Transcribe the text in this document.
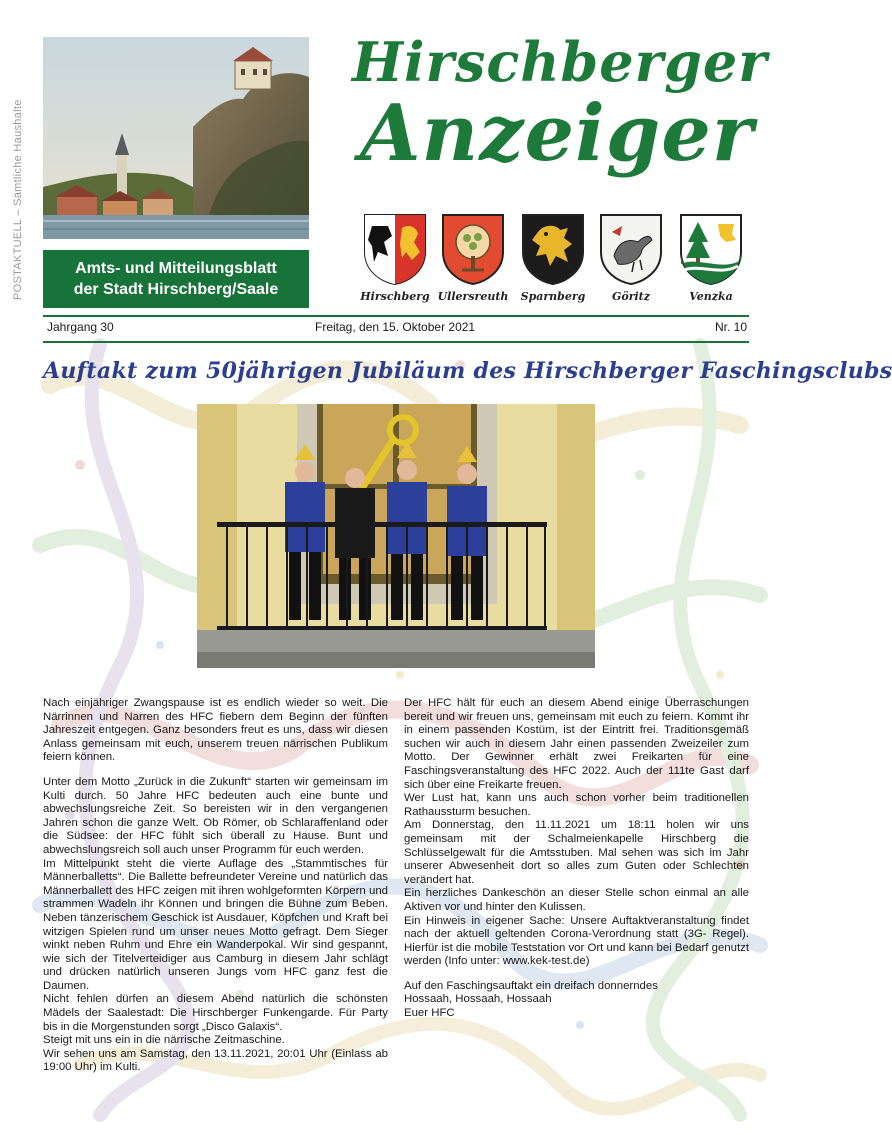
POSTAKTUELL – Sämtliche Haushalte	Amts- und Mitteilungsblatt
der Stadt Hirschberg/Saale
Hirschberger
Anzeiger
Hirschberg Ullersreuth	Sparnberg	Göritz	Venzka
Jahrgang 30	Freitag, den 15. Oktober 2021	Nr. 10
Auftakt zum 50jährigen Jubiläum des Hirschberger Faschingsclubs

Nach einjähriger Zwangspause ist es endlich wieder so weit. Die Närrinnen und Narren des HFC fiebern dem Beginn der fünften Jahreszeit entgegen. Ganz besonders freut es uns, dass wir diesen Anlass gemeinsam mit euch, unserem treuen närrischen Publikum feiern können.

Unter dem Motto „Zurück in die Zukunft“ starten wir gemeinsam im Kulti durch. 50 Jahre HFC bedeuten auch eine bunte und abwechslungsreiche Zeit. So bereisten wir in den vergangenen Jahren schon die ganze Welt. Ob Römer, ob Schlaraffenland oder die Südsee: der HFC fühlt sich überall zu Hause. Bunt und abwechslungsreich soll auch unser Programm für euch werden.

Im Mittelpunkt steht die vierte Auflage des „Stammtisches für Männerballetts“. Die Ballette befreundeter Vereine und natürlich das Männerballett des HFC zeigen mit ihren wohlgeformten Körpern und strammen Wadeln ihr Können und bringen die Bühne zum Beben. Neben tänzerischem Geschick ist Ausdauer, Köpfchen und Kraft bei witzigen Spielen rund um unser neues Motto gefragt. Dem Sieger winkt neben Ruhm und Ehre ein Wanderpokal. Wir sind gespannt, wie sich der Titelverteidiger aus Camburg in diesem Jahr schlägt und drücken natürlich unseren Jungs vom HFC ganz fest die Daumen.

Nicht fehlen dürfen an diesem Abend natürlich die schönsten Mädels der Saalestadt: Die Hirschberger Funkengarde. Für Party bis in die Morgenstunden sorgt „Disco Galaxis“.

Steigt mit uns ein in die närrische Zeitmaschine.

Wir sehen uns am Samstag, den 13.11.2021, 20:01 Uhr (Einlass ab 19:00 Uhr) im Kulti.

Der HFC hält für euch an diesem Abend einige Überraschungen bereit und wir freuen uns, gemeinsam mit euch zu feiern. Kommt ihr in einem passenden Kostüm, ist der Eintritt frei. Traditionsgemäß suchen wir auch in diesem Jahr einen passenden Zweizeiler zum Motto. Der Gewinner erhält zwei Freikarten für eine Faschingsveranstaltung des HFC 2022. Auch der 111te Gast darf sich über eine Freikarte freuen.

Wer Lust hat, kann uns auch schon vorher beim traditionellen Rathaussturm besuchen.

Am Donnerstag, den 11.11.2021 um 18:11 holen wir uns gemeinsam mit der Schalmeienkapelle Hirschberg die Schlüsselgewalt für die Amtsstuben. Mal sehen was sich im Jahr unserer Abwesenheit dort so alles zum Guten oder Schlechten verändert hat.

Ein herzliches Dankeschön an dieser Stelle schon einmal an alle Aktiven vor und hinter den Kulissen.

Ein Hinweis in eigener Sache: Unsere Auftaktveranstaltung findet nach der aktuell geltenden Corona-Verordnung statt (3G- Regel). Hierfür ist die mobile Teststation vor Ort und kann bei Bedarf genutzt werden (Info unter: www.kek-test.de)

Auf den Faschingsauftakt ein dreifach donnerndes

Hossaah, Hossaah, Hossaah

Euer HFC
